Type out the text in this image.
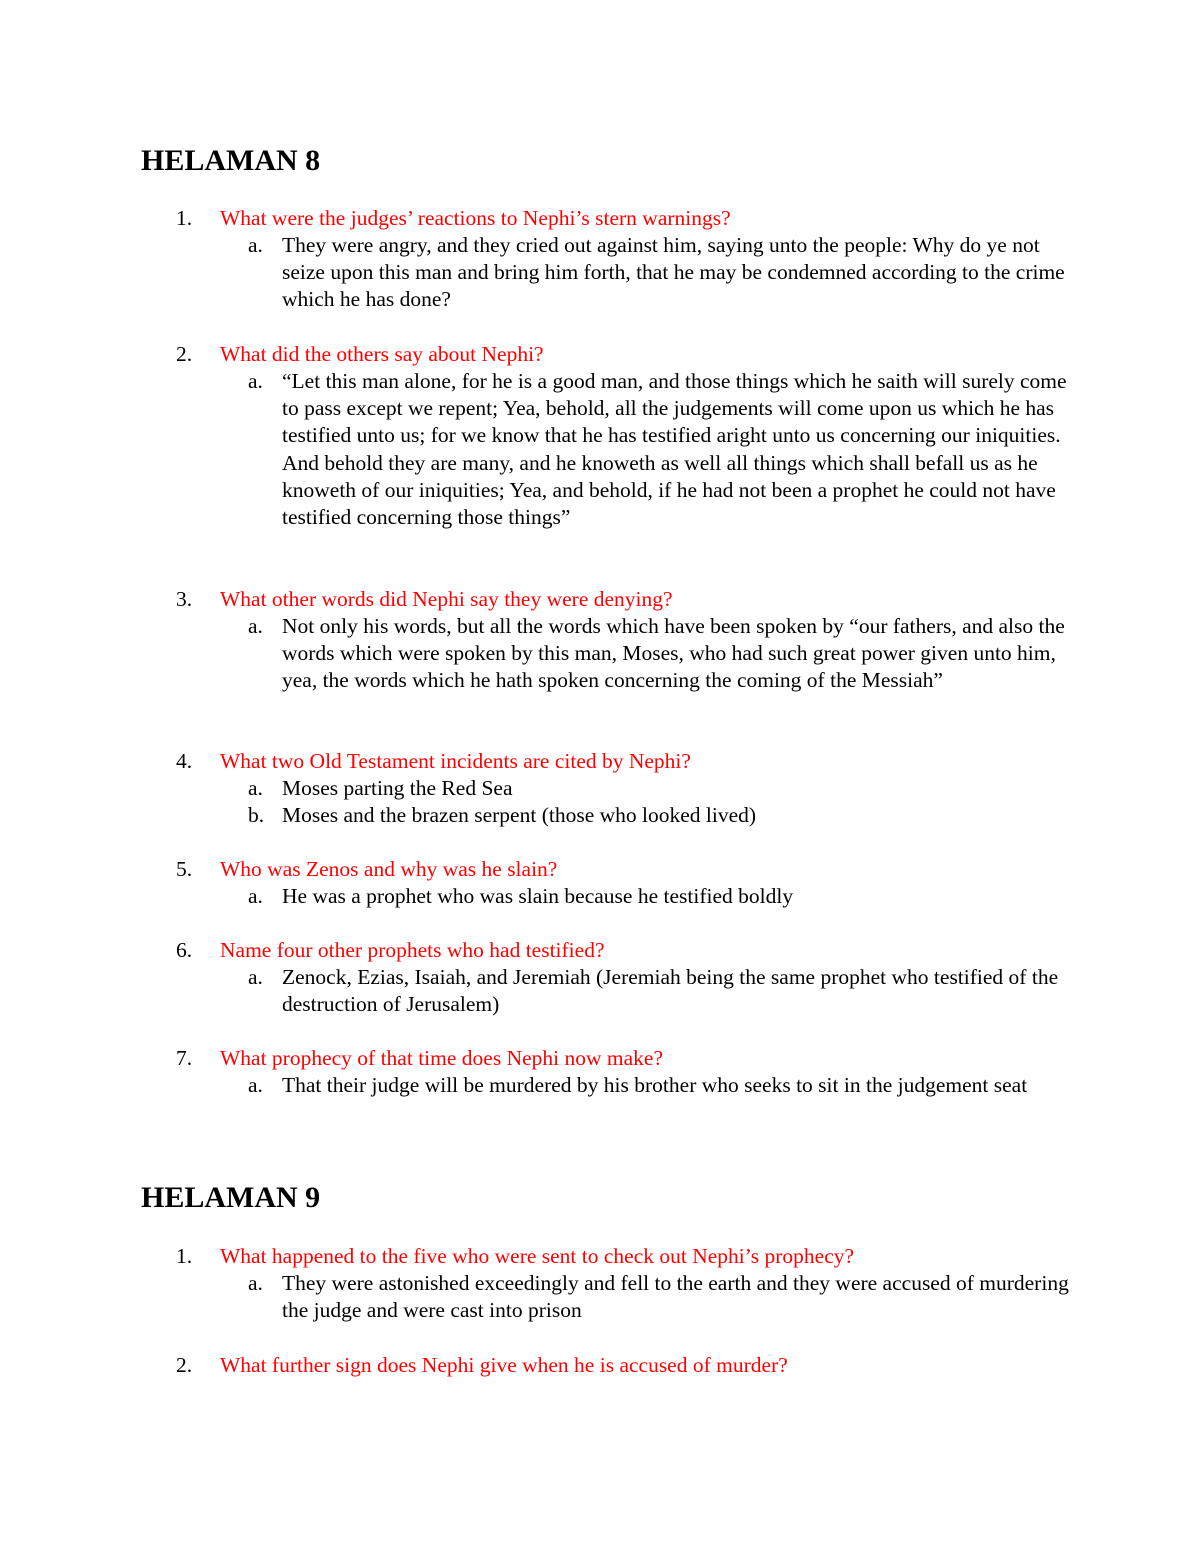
HELAMAN 8
1. What were the judges’ reactions to Nephi’s stern warnings?
a. They were angry, and they cried out against him, saying unto the people: Why do ye not seize upon this man and bring him forth, that he may be condemned according to the crime which he has done?
2. What did the others say about Nephi?
a. “Let this man alone, for he is a good man, and those things which he saith will surely come to pass except we repent; Yea, behold, all the judgements will come upon us which he has testified unto us; for we know that he has testified aright unto us concerning our iniquities. And behold they are many, and he knoweth as well all things which shall befall us as he knoweth of our iniquities; Yea, and behold, if he had not been a prophet he could not have testified concerning those things”
3. What other words did Nephi say they were denying?
a. Not only his words, but all the words which have been spoken by “our fathers, and also the words which were spoken by this man, Moses, who had such great power given unto him, yea, the words which he hath spoken concerning the coming of the Messiah”
4. What two Old Testament incidents are cited by Nephi?
a. Moses parting the Red Sea
b. Moses and the brazen serpent (those who looked lived)
5. Who was Zenos and why was he slain?
a. He was a prophet who was slain because he testified boldly
6. Name four other prophets who had testified?
a. Zenock, Ezias, Isaiah, and Jeremiah (Jeremiah being the same prophet who testified of the destruction of Jerusalem)
7. What prophecy of that time does Nephi now make?
a. That their judge will be murdered by his brother who seeks to sit in the judgement seat
HELAMAN 9
1. What happened to the five who were sent to check out Nephi’s prophecy?
a. They were astonished exceedingly and fell to the earth and they were accused of murdering the judge and were cast into prison
2. What further sign does Nephi give when he is accused of murder?
